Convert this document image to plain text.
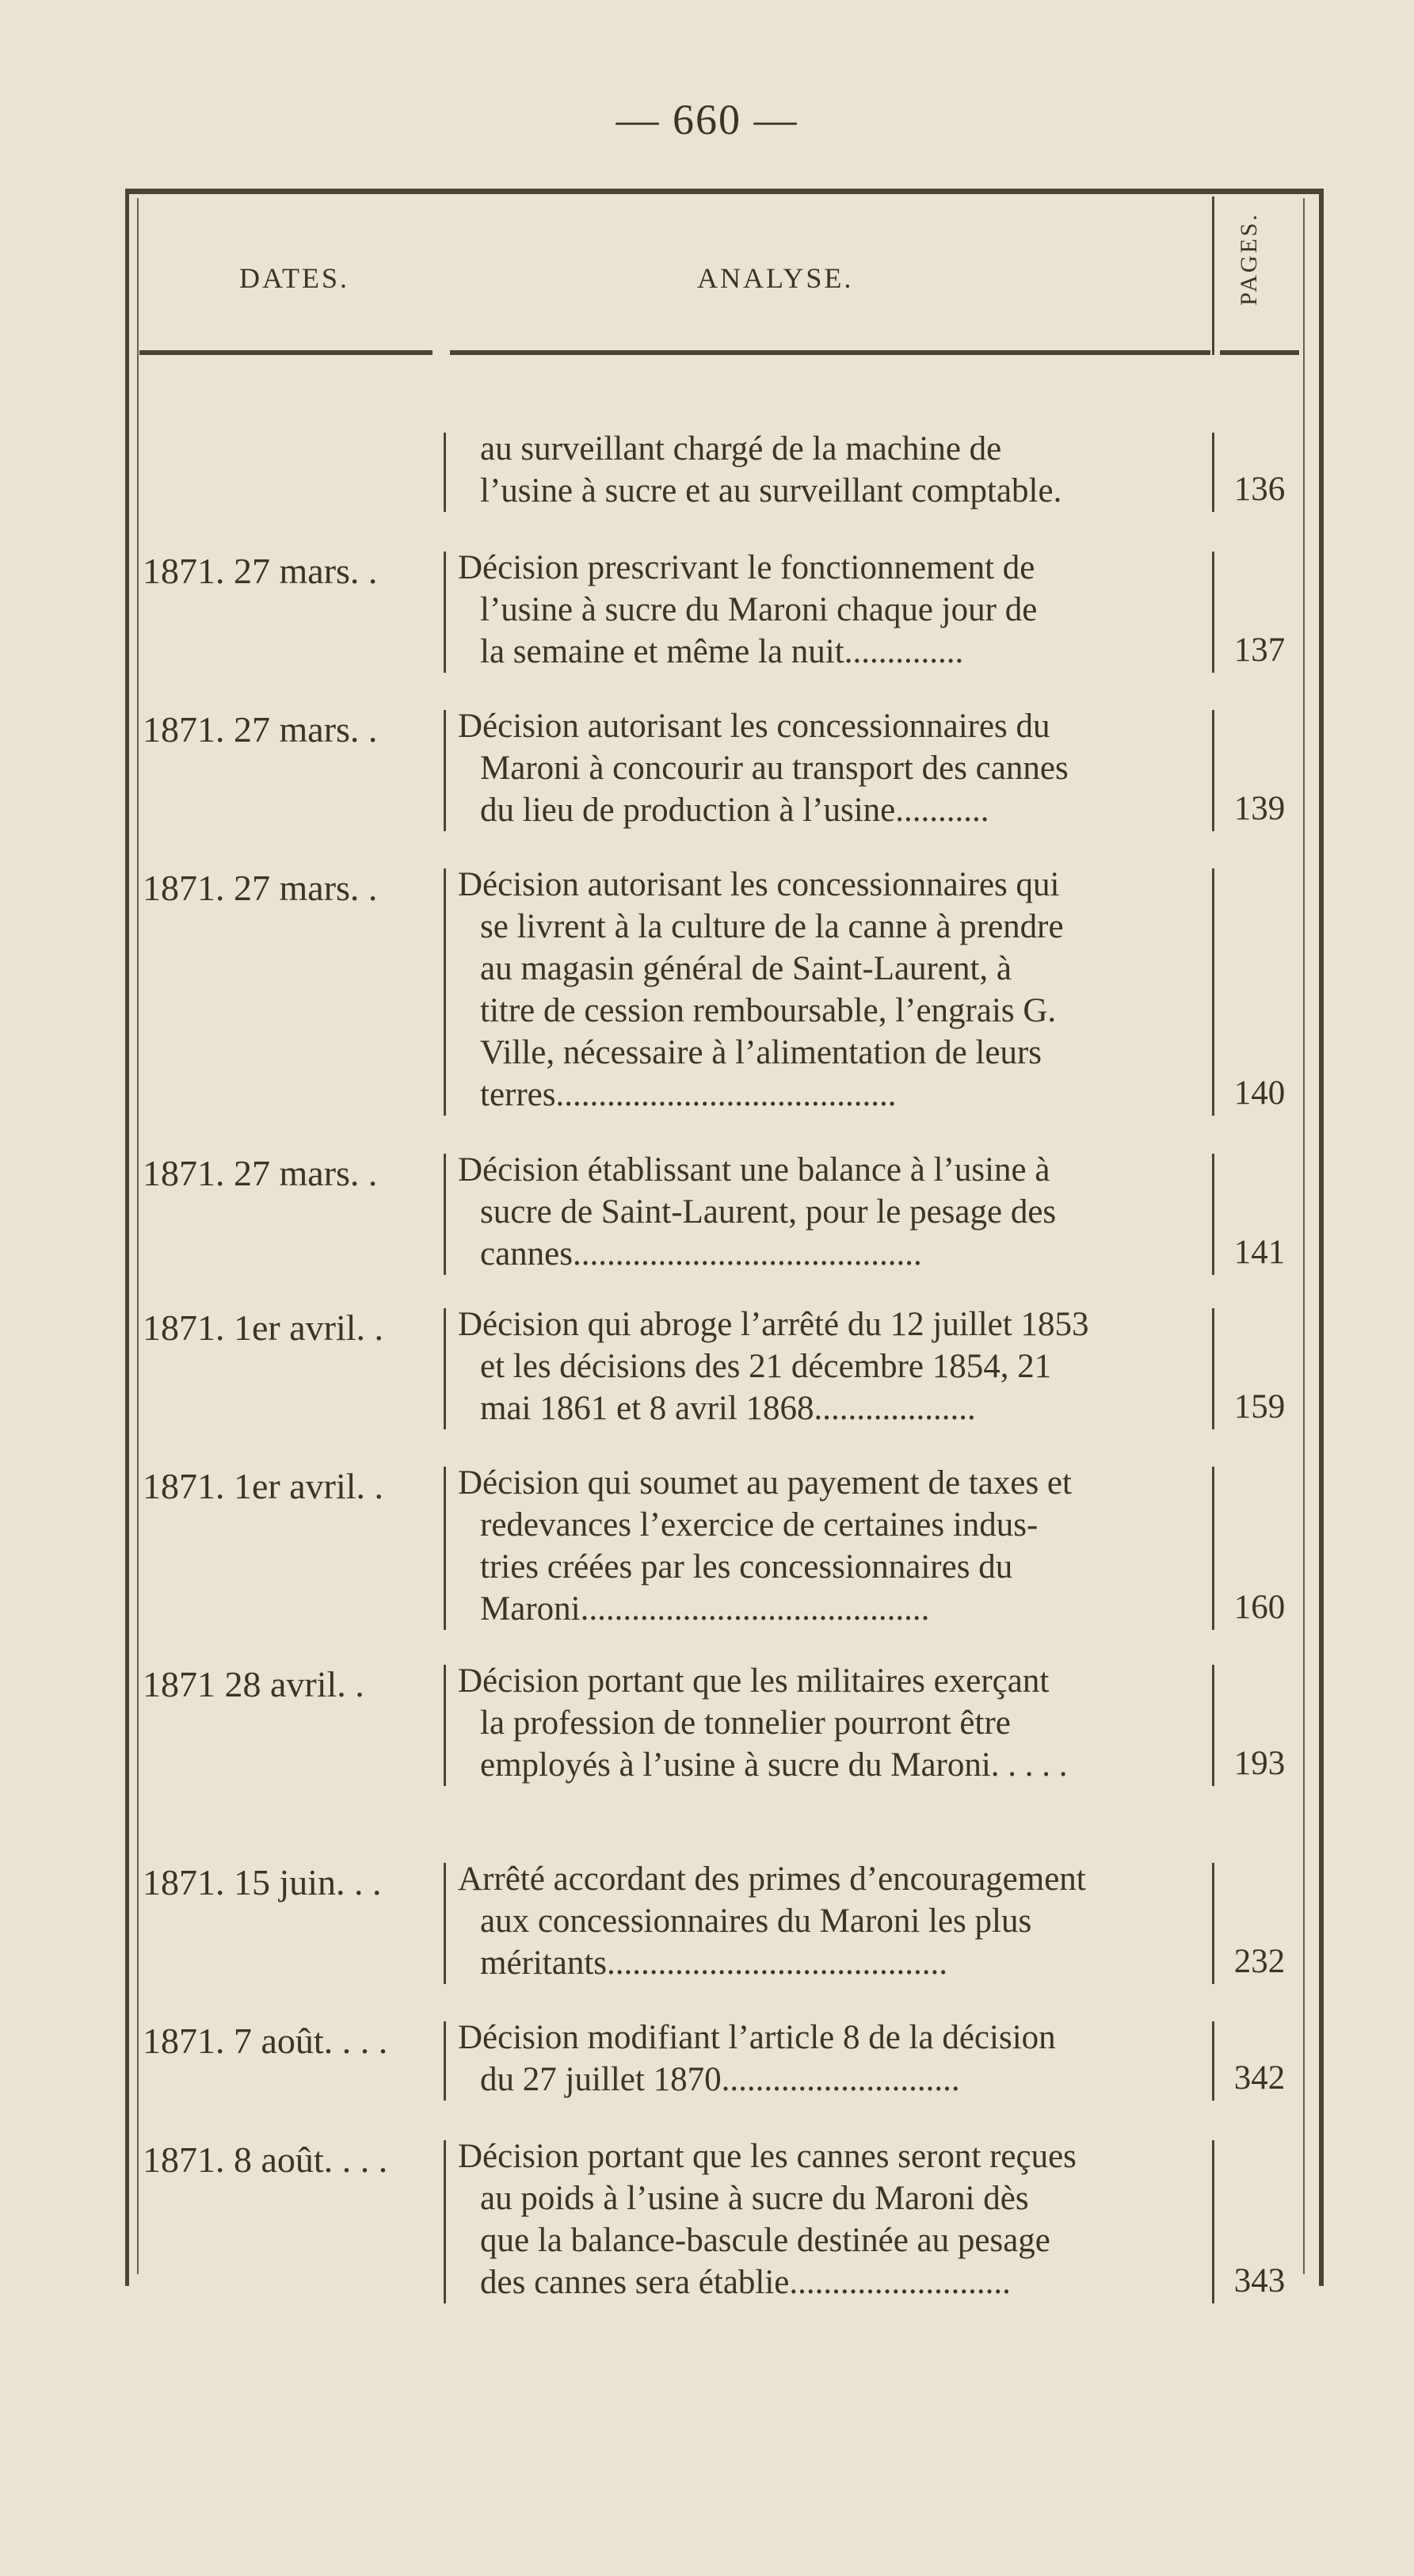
— 660 —
DATES.	ANALYSE.	PAGES.
au surveillant chargé de la machine de
l’usine à sucre et au surveillant comptable.	136
1871. 27 mars. .	Décision prescrivant le fonctionnement de
l’usine à sucre du Maroni chaque jour de
la semaine et même la nuit..............	137
1871. 27 mars. .	Décision autorisant les concessionnaires du
Maroni à concourir au transport des cannes
du lieu de production à l’usine...........	139
1871. 27 mars. .	Décision autorisant les concessionnaires qui
se livrent à la culture de la canne à prendre
au magasin général de Saint-Laurent, à
titre de cession remboursable, l’engrais G.
Ville, nécessaire à l’alimentation de leurs
terres........................................	140
1871. 27 mars. .	Décision établissant une balance à l’usine à
sucre de Saint-Laurent, pour le pesage des
cannes.........................................	141
1871. 1er avril. .	Décision qui abroge l’arrêté du 12 juillet 1853
et les décisions des 21 décembre 1854, 21
mai 1861 et 8 avril 1868...................	159
1871. 1er avril. .	Décision qui soumet au payement de taxes et
redevances l’exercice de certaines indus-
tries créées par les concessionnaires du
Maroni.........................................	160
1871 28 avril. .	Décision portant que les militaires exerçant
la profession de tonnelier pourront être
employés à l’usine à sucre du Maroni. . . . .	193
1871. 15 juin. . .	Arrêté accordant des primes d’encouragement
aux concessionnaires du Maroni les plus
méritants........................................	232
1871. 7 août. . . .	Décision modifiant l’article 8 de la décision
du 27 juillet 1870............................	342
1871. 8 août. . . .	Décision portant que les cannes seront reçues
au poids à l’usine à sucre du Maroni dès
que la balance-bascule destinée au pesage
des cannes sera établie..........................	343
